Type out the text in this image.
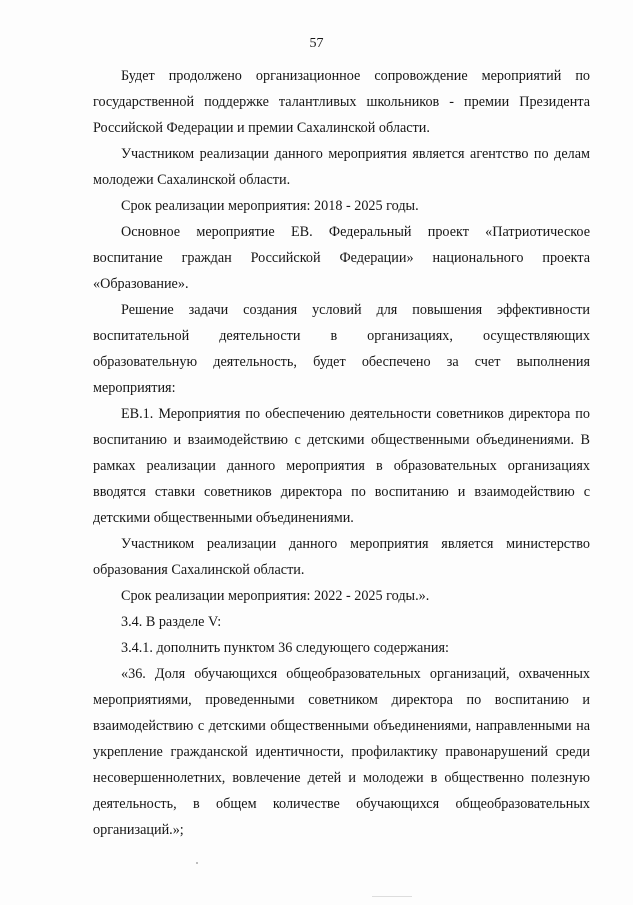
57

Будет продолжено организационное сопровождение мероприятий по государственной поддержке талантливых школьников - премии Президента Российской Федерации и премии Сахалинской области.

Участником реализации данного мероприятия является агентство по делам молодежи Сахалинской области.

Срок реализации мероприятия: 2018 - 2025 годы.

Основное мероприятие ЕВ. Федеральный проект «Патриотическое воспитание граждан Российской Федерации» национального проекта «Образование».

Решение задачи создания условий для повышения эффективности воспитательной деятельности в организациях, осуществляющих образовательную деятельность, будет обеспечено за счет выполнения мероприятия:

ЕВ.1. Мероприятия по обеспечению деятельности советников директора по воспитанию и взаимодействию с детскими общественными объединениями. В рамках реализации данного мероприятия в образовательных организациях вводятся ставки советников директора по воспитанию и взаимодействию с детскими общественными объединениями.

Участником реализации данного мероприятия является министерство образования Сахалинской области.

Срок реализации мероприятия: 2022 - 2025 годы.».

3.4. В разделе V:

3.4.1. дополнить пунктом 36 следующего содержания:

«36. Доля обучающихся общеобразовательных организаций, охваченных мероприятиями, проведенными советником директора по воспитанию и взаимодействию с детскими общественными объединениями, направленными на укрепление гражданской идентичности, профилактику правонарушений среди несовершеннолетних, вовлечение детей и молодежи в общественно полезную деятельность, в общем количестве обучающихся общеобразовательных организаций.»;
